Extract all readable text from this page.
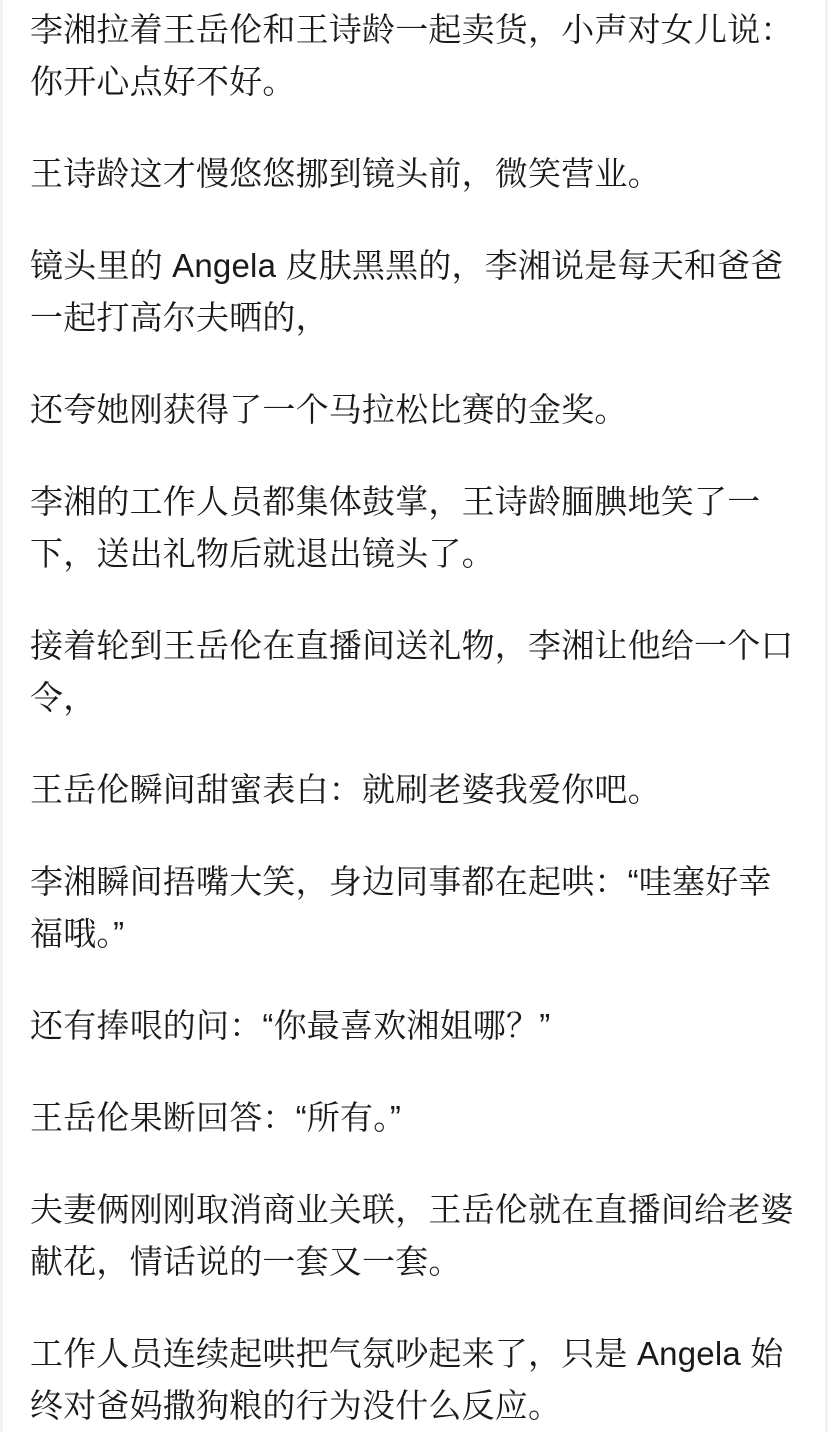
李湘拉着王岳伦和王诗龄一起卖货，小声对女儿说：你开心点好不好。

王诗龄这才慢悠悠挪到镜头前，微笑营业。

镜头里的 Angela 皮肤黑黑的，李湘说是每天和爸爸一起打高尔夫晒的，

还夸她刚获得了一个马拉松比赛的金奖。

李湘的工作人员都集体鼓掌，王诗龄腼腆地笑了一下，送出礼物后就退出镜头了。

接着轮到王岳伦在直播间送礼物，李湘让他给一个口令，

王岳伦瞬间甜蜜表白：就刷老婆我爱你吧。

李湘瞬间捂嘴大笑，身边同事都在起哄：“哇塞好幸福哦。”

还有捧哏的问：“你最喜欢湘姐哪？”

王岳伦果断回答：“所有。”

夫妻俩刚刚取消商业关联，王岳伦就在直播间给老婆献花，情话说的一套又一套。

工作人员连续起哄把气氛吵起来了，只是 Angela 始终对爸妈撒狗粮的行为没什么反应。
